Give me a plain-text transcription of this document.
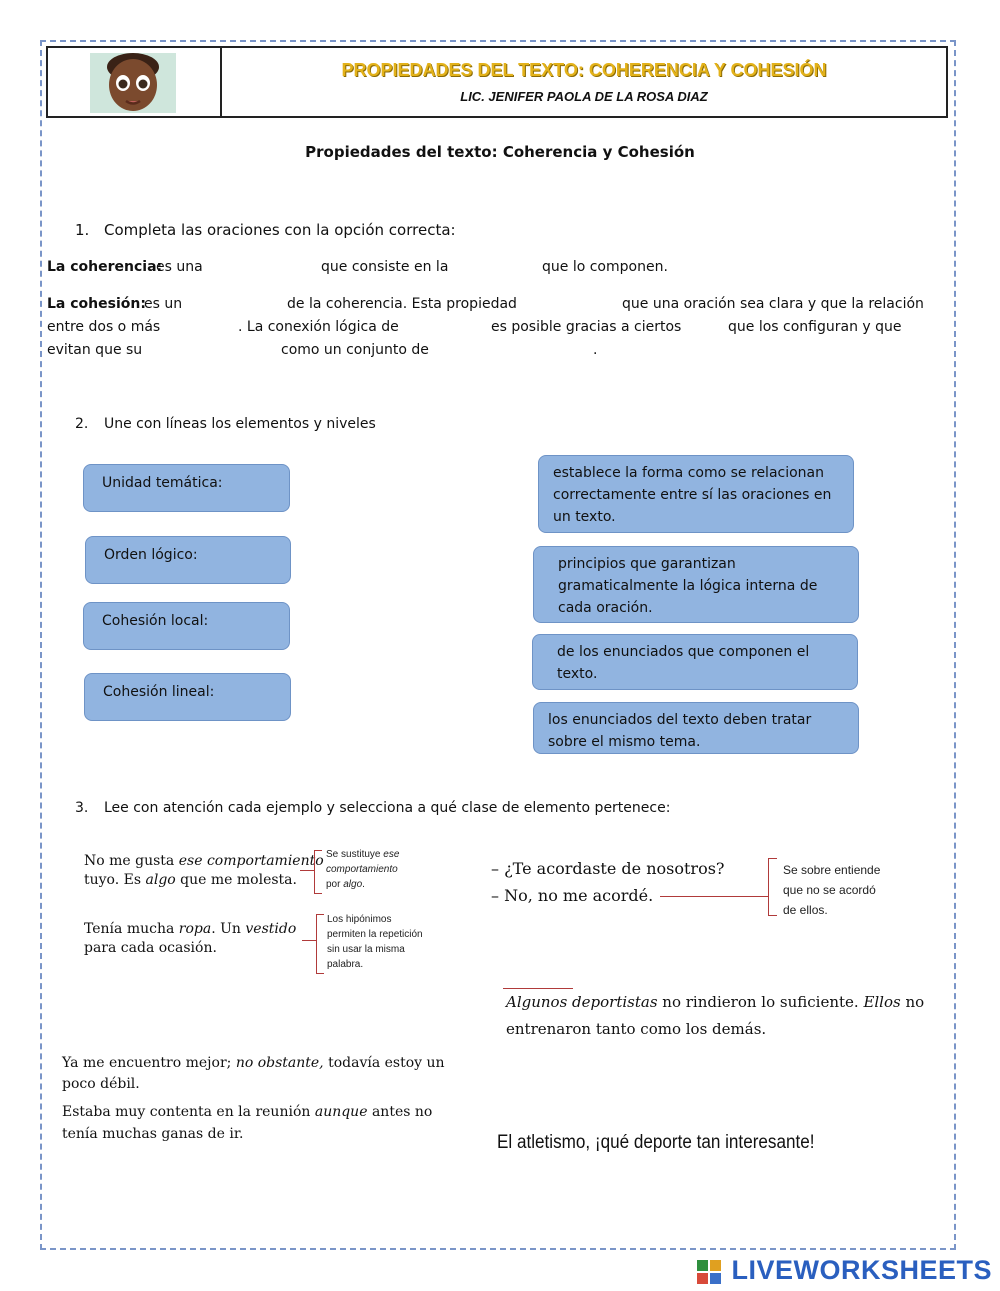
PROPIEDADES DEL TEXTO: COHERENCIA Y COHESIÓN
LIC. JENIFER PAOLA DE LA ROSA DIAZ
Propiedades del texto: Coherencia y Cohesión
1. Completa las oraciones con la opción correcta:
La coherencia:
es una	que consiste en la	que lo componen.
La cohesión:
es un	de la coherencia. Esta propiedad	que una oración sea clara y que la relación
entre dos o más	. La conexión lógica de	es posible gracias a ciertos	que los configuran y que
evitan que su	como un conjunto de	.
2. Une con líneas los elementos y niveles
Unidad temática:
Orden lógico:
Cohesión local:
Cohesión lineal:
establece la forma como se relacionan
correctamente entre sí las oraciones en
un texto.
principios que garantizan
gramaticalmente la lógica interna de
cada oración.
de los enunciados que componen el
texto.
los enunciados del texto deben tratar
sobre el mismo tema.
3. Lee con atención cada ejemplo y selecciona a qué clase de elemento pertenece:
No me gusta ese comportamiento
tuyo. Es algo que me molesta.
Se sustituye ese
comportamiento
por algo.
Tenía mucha ropa. Un vestido
para cada ocasión.
Los hipónimos
permiten la repetición
sin usar la misma
palabra.
– ¿Te acordaste de nosotros?
– No, no me acordé.
Se sobre entiende
que no se acordó
de ellos.
Algunos deportistas no rindieron lo suficiente. Ellos no
entrenaron tanto como los demás.
Ya me encuentro mejor; no obstante, todavía estoy un
poco débil.
Estaba muy contenta en la reunión aunque antes no
tenía muchas ganas de ir.	El atletismo, ¡qué deporte tan interesante!
LIVEWORKSHEETS
